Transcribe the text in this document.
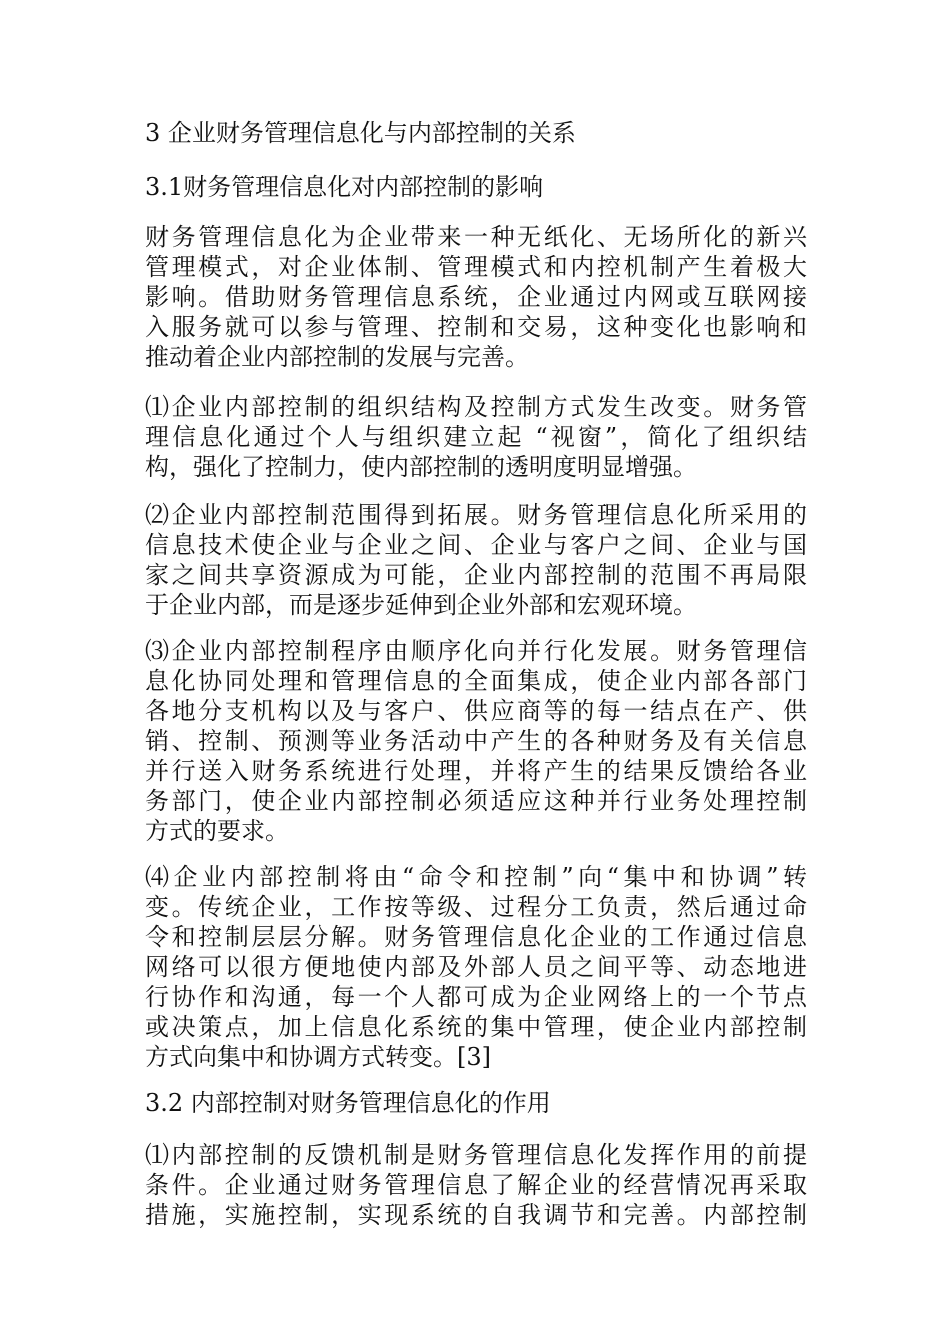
3 企业财务管理信息化与内部控制的关系
3.1财务管理信息化对内部控制的影响
财务管理信息化为企业带来一种无纸化、无场所化的新兴
管理模式，对企业体制、管理模式和内控机制产生着极大
影响。借助财务管理信息系统，企业通过内网或互联网接
入服务就可以参与管理、控制和交易，这种变化也影响和
推动着企业内部控制的发展与完善。
⑴企业内部控制的组织结构及控制方式发生改变。财务管
理信息化通过个人与组织建立起 “视窗”，简化了组织结
构，强化了控制力，使内部控制的透明度明显增强。
⑵企业内部控制范围得到拓展。财务管理信息化所采用的
信息技术使企业与企业之间、企业与客户之间、企业与国
家之间共享资源成为可能，企业内部控制的范围不再局限
于企业内部，而是逐步延伸到企业外部和宏观环境。
⑶企业内部控制程序由顺序化向并行化发展。财务管理信
息化协同处理和管理信息的全面集成，使企业内部各部门
各地分支机构以及与客户、供应商等的每一结点在产、供
销、控制、预测等业务活动中产生的各种财务及有关信息
并行送入财务系统进行处理，并将产生的结果反馈给各业
务部门，使企业内部控制必须适应这种并行业务处理控制
方式的要求。
⑷企业内部控制将由“命令和控制”向“集中和协调”转
变。传统企业，工作按等级、过程分工负责，然后通过命
令和控制层层分解。财务管理信息化企业的工作通过信息
网络可以很方便地使内部及外部人员之间平等、动态地进
行协作和沟通，每一个人都可成为企业网络上的一个节点
或决策点，加上信息化系统的集中管理，使企业内部控制
方式向集中和协调方式转变。[3]
3.2 内部控制对财务管理信息化的作用
⑴内部控制的反馈机制是财务管理信息化发挥作用的前提
条件。企业通过财务管理信息了解企业的经营情况再采取
措施，实施控制，实现系统的自我调节和完善。内部控制
